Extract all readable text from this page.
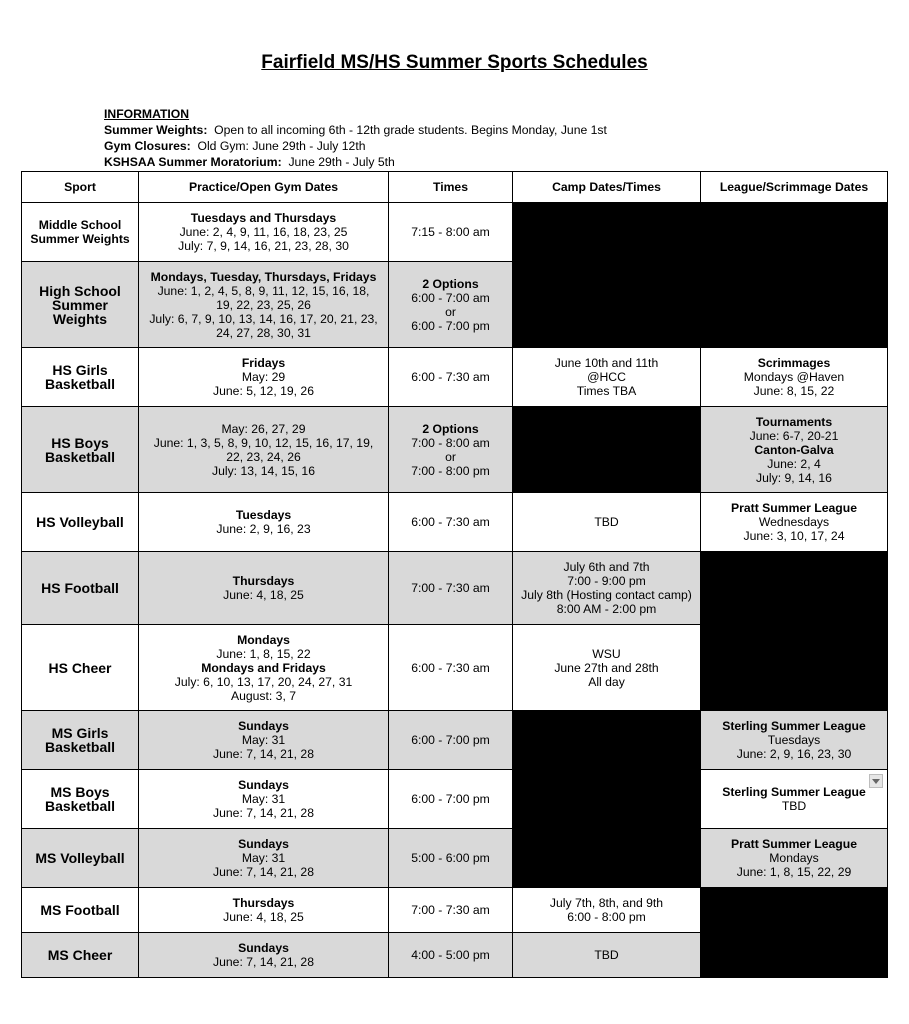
Fairfield MS/HS Summer Sports Schedules
INFORMATION
Summer Weights: Open to all incoming 6th - 12th grade students. Begins Monday, June 1st
Gym Closures: Old Gym: June 29th - July 12th
KSHSAA Summer Moratorium: June 29th - July 5th
Sport	Practice/Open Gym Dates	Times	Camp Dates/Times	League/Scrimmage Dates
Middle School Summer Weights	Tuesdays and Thursdays
June: 2, 4, 9, 11, 16, 18, 23, 25
July: 7, 9, 14, 16, 21, 23, 28, 30	7:15 - 8:00 am		

High School Summer Weights	Mondays, Tuesday, Thursdays, Fridays
June: 1, 2, 4, 5, 8, 9, 11, 12, 15, 16, 18,
19, 22, 23, 25, 26
July: 6, 7, 9, 10, 13, 14, 16, 17, 20, 21, 23,
24, 27, 28, 30, 31	2 Options
6:00 - 7:00 am
or
6:00 - 7:00 pm		

HS Girls Basketball	Fridays
May: 29
June: 5, 12, 19, 26	6:00 - 7:30 am	June 10th and 11th
@HCC
Times TBA	Scrimmages
Mondays @Haven
June: 8, 15, 22

HS Boys Basketball	May: 26, 27, 29
June: 1, 3, 5, 8, 9, 10, 12, 15, 16, 17, 19,
22, 23, 24, 26
July: 13, 14, 15, 16	2 Options
7:00 - 8:00 am
or
7:00 - 8:00 pm		Tournaments
June: 6-7, 20-21
Canton-Galva
June: 2, 4
July: 9, 14, 16

HS Volleyball	Tuesdays
June: 2, 9, 16, 23	6:00 - 7:30 am	TBD	Pratt Summer League
Wednesdays
June: 3, 10, 17, 24

HS Football	Thursdays
June: 4, 18, 25	7:00 - 7:30 am	July 6th and 7th
7:00 - 9:00 pm
July 8th (Hosting contact camp)
8:00 AM - 2:00 pm	

HS Cheer	Mondays
June: 1, 8, 15, 22
Mondays and Fridays
July: 6, 10, 13, 17, 20, 24, 27, 31
August: 3, 7	6:00 - 7:30 am	WSU
June 27th and 28th
All day	

MS Girls Basketball	Sundays
May: 31
June: 7, 14, 21, 28	6:00 - 7:00 pm		Sterling Summer League
Tuesdays
June: 2, 9, 16, 23, 30

MS Boys Basketball	Sundays
May: 31
June: 7, 14, 21, 28	6:00 - 7:00 pm		Sterling Summer League
TBD

MS Volleyball	Sundays
May: 31
June: 7, 14, 21, 28	5:00 - 6:00 pm		Pratt Summer League
Mondays
June: 1, 8, 15, 22, 29

MS Football	Thursdays
June: 4, 18, 25	7:00 - 7:30 am	July 7th, 8th, and 9th
6:00 - 8:00 pm	

MS Cheer	Sundays
June: 7, 14, 21, 28	4:00 - 5:00 pm	TBD	
